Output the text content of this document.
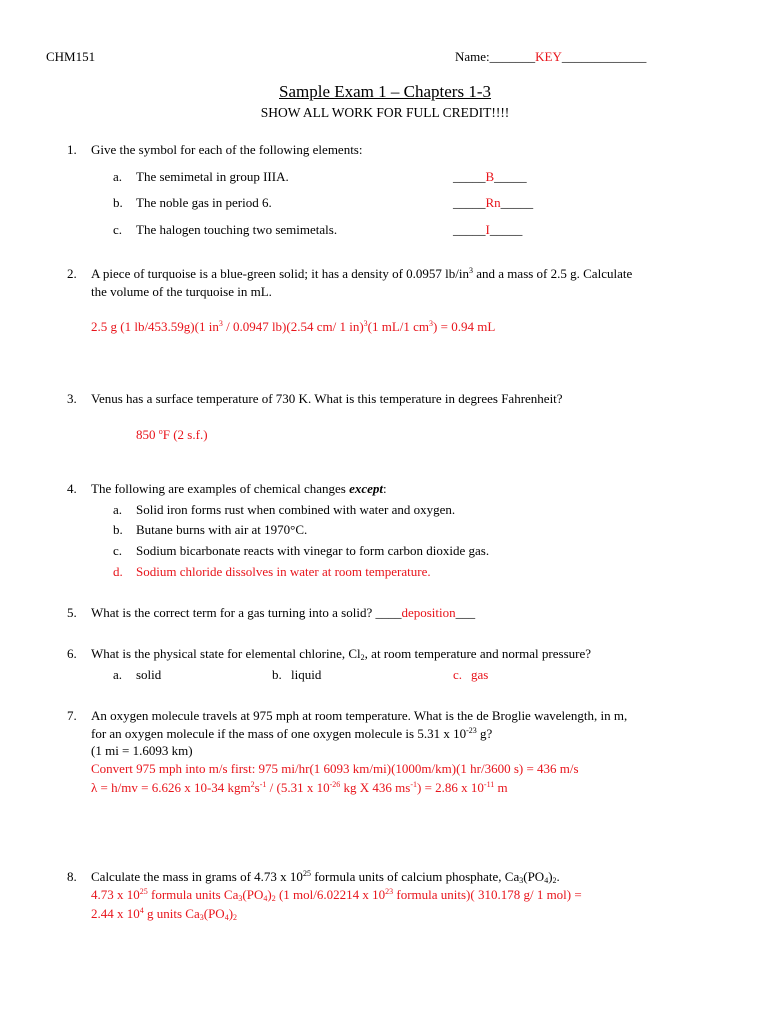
CHM151	Name:_______KEY_____________
Sample Exam 1 – Chapters 1-3
SHOW ALL WORK FOR FULL CREDIT!!!!
1. Give the symbol for each of the following elements:
a. The semimetal in group IIIA.	_____B_____
b. The noble gas in period 6.	_____Rn_____
c. The halogen touching two semimetals.	_____I_____
2. A piece of turquoise is a blue-green solid; it has a density of 0.0957 $lb/in^3$ and a mass of 2.5 g. Calculate
the volume of the turquoise in mL.
2.5 g (1 lb/453.59g)(1 $in^3 / 0.0947$ lb)(2.54 cm/ 1 in)$^3$(1 mL/1 $cm^3) = 0.94$ mL
3. Venus has a surface temperature of 730 K. What is this temperature in degrees Fahrenheit?
850 $^o$F (2 s.f.)
4. The following are examples of chemical changes except:
a. Solid iron forms rust when combined with water and oxygen.
b. Butane burns with air at 1970°C.
c. Sodium bicarbonate reacts with vinegar to form carbon dioxide gas.
d. Sodium chloride dissolves in water at room temperature.
5. What is the correct term for a gas turning into a solid? ____deposition___
6. What is the physical state for elemental chlorine, $Cl_2$, at room temperature and normal pressure?
a. solid	b. liquid	c. gas
7. An oxygen molecule travels at 975 mph at room temperature. What is the de Broglie wavelength, in m,
for an oxygen molecule if the mass of one oxygen molecule is 5.31 x $10^{-23}$ g?
(1 mi = 1.6093 km)
Convert 975 mph into m/s first: 975 mi/hr(1 6093 km/mi)(1000m/km)(1 hr/3600 s) = 436 m/s
λ = h/mv = 6.626 x 10-34 $kgm^2s^{-1} / (5.31$ x $10^{-26}$ kg X 436 $ms^{-1}) = 2.86$ x $10^{-11}$ m
8. Calculate the mass in grams of 4.73 x $10^{25}$ formula units of calcium phosphate, $Ca_3(PO_4)_2$.
4.73 x $10^{25}$ formula units $Ca_3(PO_4)_2$ (1 mol/6.02214 x $10^{23}$ formula units)( 310.178 g/ 1 mol) =
2.44 x $10^4$ g units $Ca_3(PO_4)_2$
